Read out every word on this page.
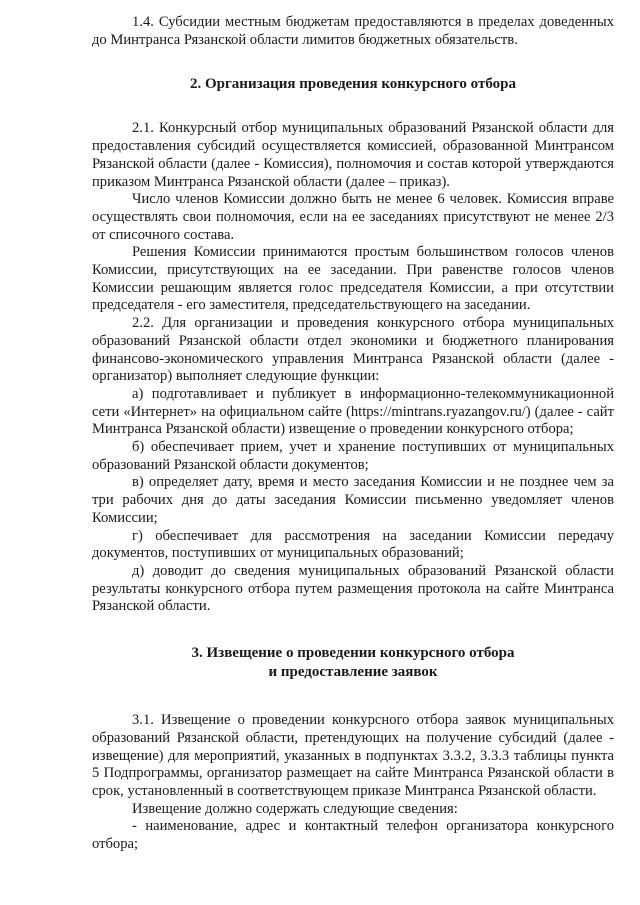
1.4. Субсидии местным бюджетам предоставляются в пределах доведенных до Минтранса Рязанской области лимитов бюджетных обязательств.

2. Организация проведения конкурсного отбора

2.1. Конкурсный отбор муниципальных образований Рязанской области для предоставления субсидий осуществляется комиссией, образованной Минтрансом Рязанской области (далее - Комиссия), полномочия и состав которой утверждаются приказом Минтранса Рязанской области (далее – приказ).

Число членов Комиссии должно быть не менее 6 человек. Комиссия вправе осуществлять свои полномочия, если на ее заседаниях присутствуют не менее 2/3 от списочного состава.

Решения Комиссии принимаются простым большинством голосов членов Комиссии, присутствующих на ее заседании. При равенстве голосов членов Комиссии решающим является голос председателя Комиссии, а при отсутствии председателя - его заместителя, председательствующего на заседании.

2.2. Для организации и проведения конкурсного отбора муниципальных образований Рязанской области отдел экономики и бюджетного планирования финансово-экономического управления Минтранса Рязанской области (далее - организатор) выполняет следующие функции:

а) подготавливает и публикует в информационно-телекоммуникационной сети «Интернет» на официальном сайте (https://mintrans.ryazangov.ru/) (далее - сайт Минтранса Рязанской области) извещение о проведении конкурсного отбора;

б) обеспечивает прием, учет и хранение поступивших от муниципальных образований Рязанской области документов;

в) определяет дату, время и место заседания Комиссии и не позднее чем за три рабочих дня до даты заседания Комиссии письменно уведомляет членов Комиссии;

г) обеспечивает для рассмотрения на заседании Комиссии передачу документов, поступивших от муниципальных образований;

д) доводит до сведения муниципальных образований Рязанской области результаты конкурсного отбора путем размещения протокола на сайте Минтранса Рязанской области.

3. Извещение о проведении конкурсного отбора
и предоставление заявок

3.1. Извещение о проведении конкурсного отбора заявок муниципальных образований Рязанской области, претендующих на получение субсидий (далее - извещение) для мероприятий, указанных в подпунктах 3.3.2, 3.3.3 таблицы пункта 5 Подпрограммы, организатор размещает на сайте Минтранса Рязанской области в срок, установленный в соответствующем приказе Минтранса Рязанской области.

Извещение должно содержать следующие сведения:

- наименование, адрес и контактный телефон организатора конкурсного отбора;
